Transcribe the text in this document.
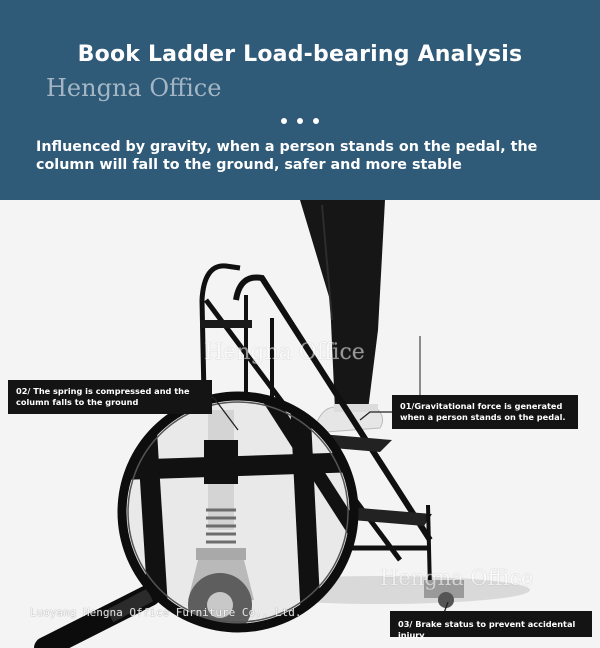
Book Ladder Load-bearing Analysis
Hengna Office
Influenced by gravity, when a person stands on the pedal, the column will fall to the ground, safer and more stable
02/ The spring is compressed and the column falls to the ground	01/Gravitational force is generated when a person stands on the pedal.
03/ Brake status to prevent accidental injury
Hengna Office
Hengna Office
Luoyang Hengna Office Furniture Co., Ltd.
